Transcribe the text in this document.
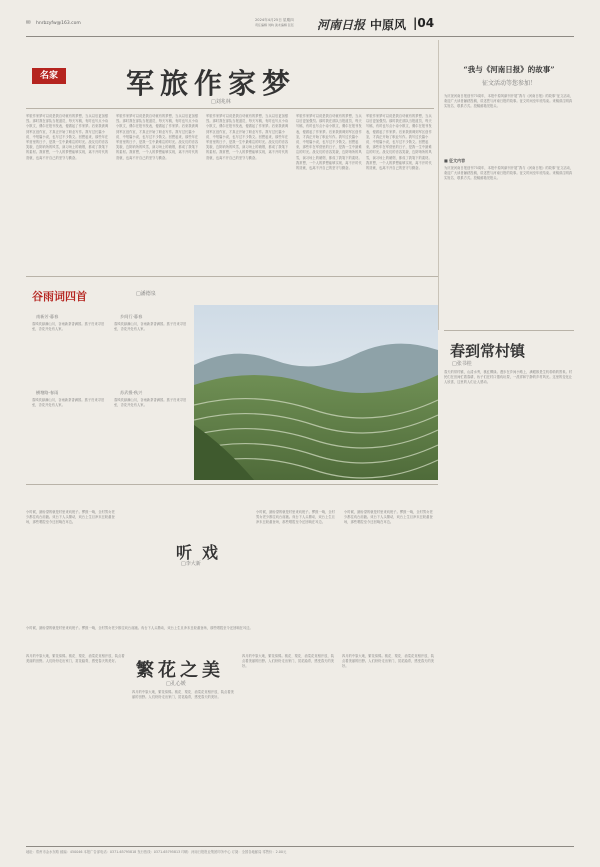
✉ hnrbzyfw@163.com
2024年4月25日 星期四
责任编辑 刘昀 美术编辑 张钰	河南日报 中原风 |04
名家 军旅作家梦
□刘兆林
军旅作家梦可以说是我自幼就有的梦想，当兵以后更加强烈。那时我在部队当报道员，每天写稿，有时也写点小诗小散文，偶尔在报刊发表，便做起了作家梦。后来我被调到军区创作室，才真正开始了职业写作。我写过长篇小说、中短篇小说，也写过不少散文。回想起来，那些年在军营里的日子，是我一生中最难忘的时光。战友们的音容笑貌，边防哨所的风雪，演习场上的硝烟，都成了我笔下的素材。我常想，一个人的梦想能够实现，离不开时代的造就，也离不开自己的坚守与勤奋。
军旅作家梦可以说是我自幼就有的梦想，当兵以后更加强烈。那时我在部队当报道员，每天写稿，有时也写点小诗小散文，偶尔在报刊发表，便做起了作家梦。后来我被调到军区创作室，才真正开始了职业写作。我写过长篇小说、中短篇小说，也写过不少散文。回想起来，那些年在军营里的日子，是我一生中最难忘的时光。战友们的音容笑貌，边防哨所的风雪，演习场上的硝烟，都成了我笔下的素材。我常想，一个人的梦想能够实现，离不开时代的造就，也离不开自己的坚守与勤奋。
军旅作家梦可以说是我自幼就有的梦想，当兵以后更加强烈。那时我在部队当报道员，每天写稿，有时也写点小诗小散文，偶尔在报刊发表，便做起了作家梦。后来我被调到军区创作室，才真正开始了职业写作。我写过长篇小说、中短篇小说，也写过不少散文。回想起来，那些年在军营里的日子，是我一生中最难忘的时光。战友们的音容笑貌，边防哨所的风雪，演习场上的硝烟，都成了我笔下的素材。我常想，一个人的梦想能够实现，离不开时代的造就，也离不开自己的坚守与勤奋。
军旅作家梦可以说是我自幼就有的梦想，当兵以后更加强烈。那时我在部队当报道员，每天写稿，有时也写点小诗小散文，偶尔在报刊发表，便做起了作家梦。后来我被调到军区创作室，才真正开始了职业写作。我写过长篇小说、中短篇小说，也写过不少散文。回想起来，那些年在军营里的日子，是我一生中最难忘的时光。战友们的音容笑貌，边防哨所的风雪，演习场上的硝烟，都成了我笔下的素材。我常想，一个人的梦想能够实现，离不开时代的造就，也离不开自己的坚守与勤奋。
军旅作家梦可以说是我自幼就有的梦想，当兵以后更加强烈。那时我在部队当报道员，每天写稿，有时也写点小诗小散文，偶尔在报刊发表，便做起了作家梦。后来我被调到军区创作室，才真正开始了职业写作。我写过长篇小说、中短篇小说，也写过不少散文。回想起来，那些年在军营里的日子，是我一生中最难忘的时光。战友们的音容笑貌，边防哨所的风雪，演习场上的硝烟，都成了我笔下的素材。我常想，一个人的梦想能够实现，离不开时代的造就，也离不开自己的坚守与勤奋。
“我与《河南日报》的故事”
征文活动等您参加！
为庆祝河南日报创刊75周年，本报中原风副刊开展“我与《河南日报》的故事”征文活动，欢迎广大读者踊跃投稿，讲述您与河南日报的故事。征文时间至年底结束。来稿请注明真实姓名、联系方式。投稿邮箱见报头。
■ 征文内容
为庆祝河南日报创刊75周年，本报中原风副刊开展“我与《河南日报》的故事”征文活动，欢迎广大读者踊跃投稿，讲述您与河南日报的故事。征文时间至年底结束。来稿请注明真实姓名、联系方式。投稿邮箱见报头。
谷雨词四首	□潘德泉
南新芳·暮春	乡间行·暮春
春风吹绿满山川，谷雨新茶香满园。燕子归来寻旧垒，杏花开处有人家。
春风吹绿满山川，谷雨新茶香满园。燕子归来寻旧垒，杏花开处有人家。
横塘路·春雨	苏武慢·秋兴
春风吹绿满山川，谷雨新茶香满园。燕子归来寻旧垒，杏花开处有人家。
春风吹绿满山川，谷雨新茶香满园。燕子归来寻旧垒，杏花开处有人家。
春到常村镇
□张书桂
春天的常村镇，山清水秀，桃红柳绿。漫步在乡间小路上，满眼都是生机勃勃的景象。村民们在田间忙着春耕，孩子们在村口嬉戏玩耍，一派祥和宁静的乡村风光。这里的变化让人欣喜，这里的人们让人感动。
小时候，最盼望的就是村里来戏班子。锣鼓一响，全村男女老少都往戏台前跑。戏台下人头攒动，戏台上生旦净末丑轮番登场，那些唱腔至今还回响在耳边。
听戏
□李大新
小时候，最盼望的就是村里来戏班子。锣鼓一响，全村男女老少都往戏台前跑。戏台下人头攒动，戏台上生旦净末丑轮番登场，那些唱腔至今还回响在耳边。
小时候，最盼望的就是村里来戏班子。锣鼓一响，全村男女老少都往戏台前跑。戏台下人头攒动，戏台上生旦净末丑轮番登场，那些唱腔至今还回响在耳边。
小时候，最盼望的就是村里来戏班子。锣鼓一响，全村男女老少都往戏台前跑。戏台下人头攒动，戏台上生旦净末丑轮番登场，那些唱腔至今还回响在耳边。
四月的中原大地，繁花似锦。桃花、梨花、油菜花竞相开放，装点着美丽的田野。人们纷纷走出家门，赏花踏青，感受春天的美好。 繁花之美
□孔心媛
四月的中原大地，繁花似锦。桃花、梨花、油菜花竞相开放，装点着美丽的田野。人们纷纷走出家门，赏花踏青，感受春天的美好。
四月的中原大地，繁花似锦。桃花、梨花、油菜花竞相开放，装点着美丽的田野。人们纷纷走出家门，赏花踏青，感受春天的美好。
四月的中原大地，繁花似锦。桃花、梨花、油菜花竞相开放，装点着美丽的田野。人们纷纷走出家门，赏花踏青，感受春天的美好。
地址：郑州市金水东路 邮编：450046 本报广告部电话：0371-65795818 发行热线：0371-65795813 印刷：河南日报报业集团印务中心 订阅：全国各地邮局 零售价：2.00元
